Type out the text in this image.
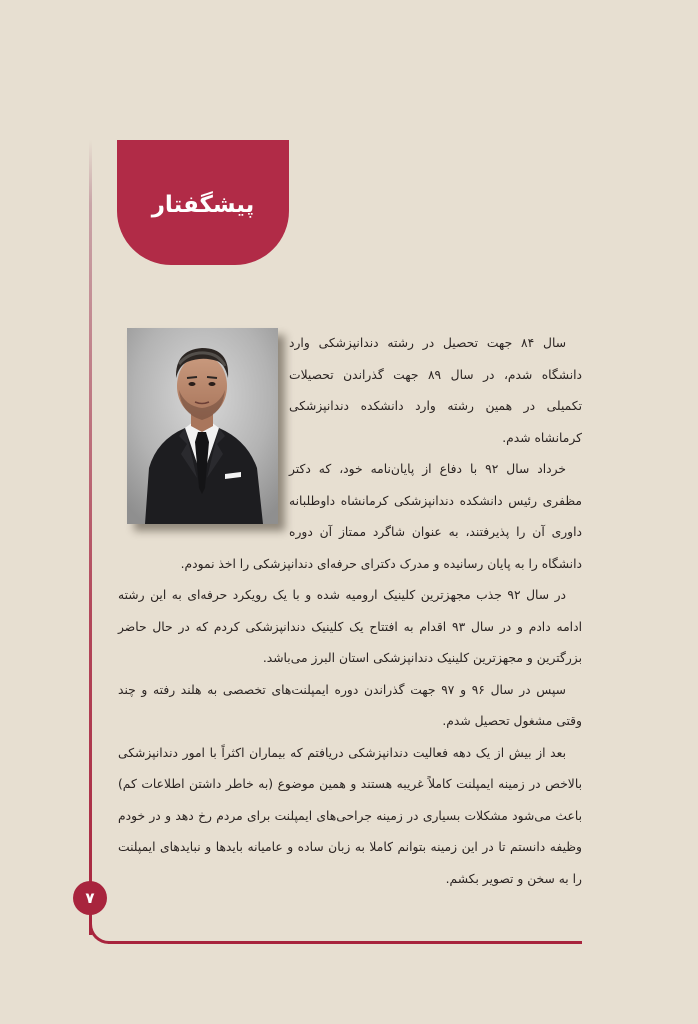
پیشگفتار

سال ۸۴ جهت تحصیل در رشته دندانپزشکی وارد دانشگاه شدم، در سال ۸۹ جهت گذراندن تحصیلات تکمیلی در همین رشته وارد دانشکده دندانپزشکی کرمانشاه شدم.

خرداد سال ۹۲ با دفاع از پایان‌نامه خود، که دکتر مظفری رئیس دانشکده دندانپزشکی کرمانشاه داوطلبانه داوری آن را پذیرفتند، به عنوان شاگرد ممتاز آن دوره دانشگاه را به پایان رسانیده و مدرک دکترای حرفه‌ای دندانپزشکی را اخذ نمودم.

در سال ۹۲ جذب مجهزترین کلینیک ارومیه شده و با یک رویکرد حرفه‌ای به این رشته ادامه دادم و در سال ۹۳ اقدام به افتتاح یک کلینیک دندانپزشکی کردم که در حال حاضر بزرگترین و مجهزترین کلینیک دندانپزشکی استان البرز می‌باشد.

سپس در سال ۹۶ و ۹۷ جهت گذراندن دوره ایمپلنت‌های تخصصی به هلند رفته و چند وقتی مشغول تحصیل شدم.

بعد از بیش از یک دهه فعالیت دندانپزشکی دریافتم که بیماران اکثراً با امور دندانپزشکی بالاخص در زمینه ایمپلنت کاملاً غریبه هستند و همین موضوع (به خاطر داشتن اطلاعات کم) باعث می‌شود مشکلات بسیاری در زمینه جراحی‌های ایمپلنت برای مردم رخ دهد و در خودم وظیفه دانستم تا در این زمینه بتوانم کاملا به زبان ساده و عامیانه بایدها و نبایدهای ایمپلنت را به سخن و تصویر بکشم.

۷
